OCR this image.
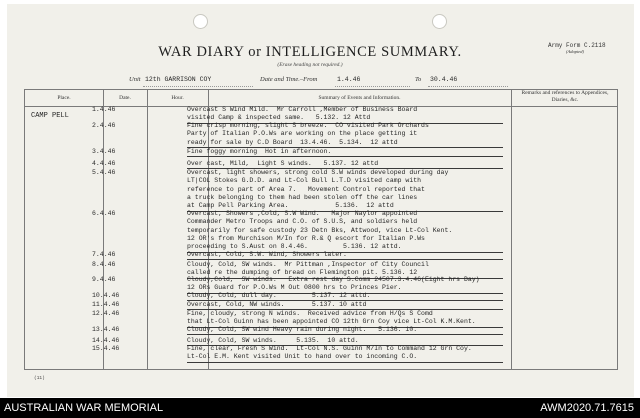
WAR DIARY or INTELLIGENCE SUMMARY.
(Erase heading not required.)
Army Form C.2118
(Adapted)
Unit 12th GARRISON COY	Date and Time.–From	1.4.46	To 30.4.46
Place.	Date.	Hour.	Summary of Events and Information.
Remarks and references to Appendices, Diaries, &c.
CAMP PELL
1.4.46	Overcast S Wind Mild.  Mr Carroll ,Member of Business Board
visited Camp & inspected same.   5.132. 12 Attd
2.4.46	Fine crisp morning, slight S breeze.  CO visited Park Orchards
Party of Italian P.O.Ws are working on the place getting it
ready for sale by C.D Board  13.4.46.  5.134.  12 attd
3.4.46	Fine foggy morning  Hot in afternoon.
4.4.46	Over cast, Mild,  Light S winds.   5.137. 12 attd
5.4.46	Overcast, light showers, strong cold S.W winds developed during day
LT|COL Stokes G.D.D. and Lt-Col Bull L.T.D visited camp with
reference to part of Area 7.   Movement Control reported that
a truck belonging to them had been stolen off the car lines
at Camp Pell Parking Area.            5.136.  12 attd
6.4.46	Overcast, Showers ,Cold, S.W Wind.   Major Naylor appointed
Commander Metro Troops and C.O. of S.U.S, and soldiers held
temporarily for safe custody 23 Detn Bks, Attwood, vice Lt-Col Kent.
12 OR's from Murchison M/In for R.& Q escort for Italian P.Ws
proceeding to S.Aust on 8.4.46.         5.136. 12 attd.
7.4.46	Overcast, Cold, S.W. Wind, Showers later.
8.4.46	Cloudy, Cold, SW winds.  Mr Pittman ,Inspector of City Council
called re the dumping of bread on Flemington pit. 5.136. 12
9.4.46	Cloudy,Cold,  SW winds.   Extra rest day S.Comm 24507.3.4.46(Eight hrs Day)
12 ORs Guard for P.O.Ws M Out 0800 hrs to Princes Pier.
10.4.46	Cloudy, Cold, dull day.         5.137. 12 attd.
11.4.46	Overcast, Cold, NW winds.       5.137. 10 attd
12.4.46	Fine, cloudy, strong N winds.  Received advice from H/Qs S Comd
that Lt-Col Guinn has been appointed CO 12th Grn Coy vice Lt-Col K.M.Kent.
13.4.46	Cloudy, Cold, SW wind Heavy rain during night.   5.136. 10.
14.4.46	Cloudy, Cold, SW winds.     5.135.  10 attd.
15.4.46	Fine, clear, Fresh S Wind.  Lt-Col N.S. Guinn M/In to Command 12 Grn Coy.
Lt-Col E.M. Kent visited Unit to hand over to incoming C.O.
(11)
AUSTRALIAN WAR MEMORIAL	AWM2020.71.7615
